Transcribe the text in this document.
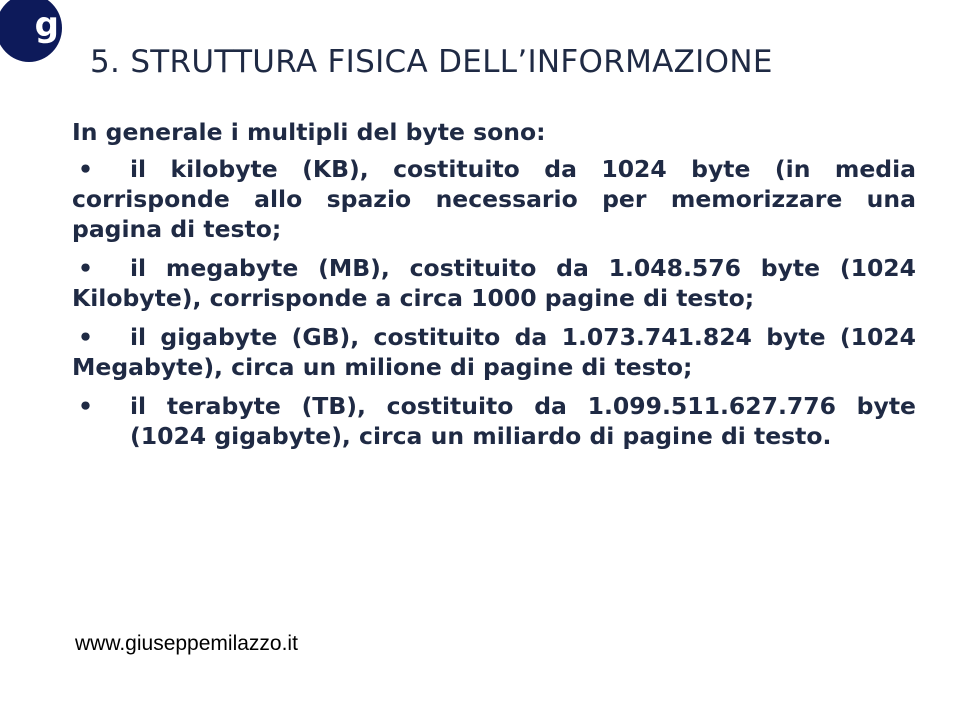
g
5. STRUTTURA FISICA DELL’INFORMAZIONE
In generale i multipli del byte sono:
• il kilobyte (KB), costituito da 1024 byte (in media corrisponde allo spazio necessario per memorizzare una pagina di testo;
• il megabyte (MB), costituito da 1.048.576 byte (1024 Kilobyte), corrisponde a circa 1000 pagine di testo;
• il gigabyte (GB), costituito da 1.073.741.824 byte (1024 Megabyte), circa un milione di pagine di testo;
•	il terabyte (TB), costituito da 1.099.511.627.776 byte (1024 gigabyte), circa un miliardo di pagine di testo.
www.giuseppemilazzo.it
